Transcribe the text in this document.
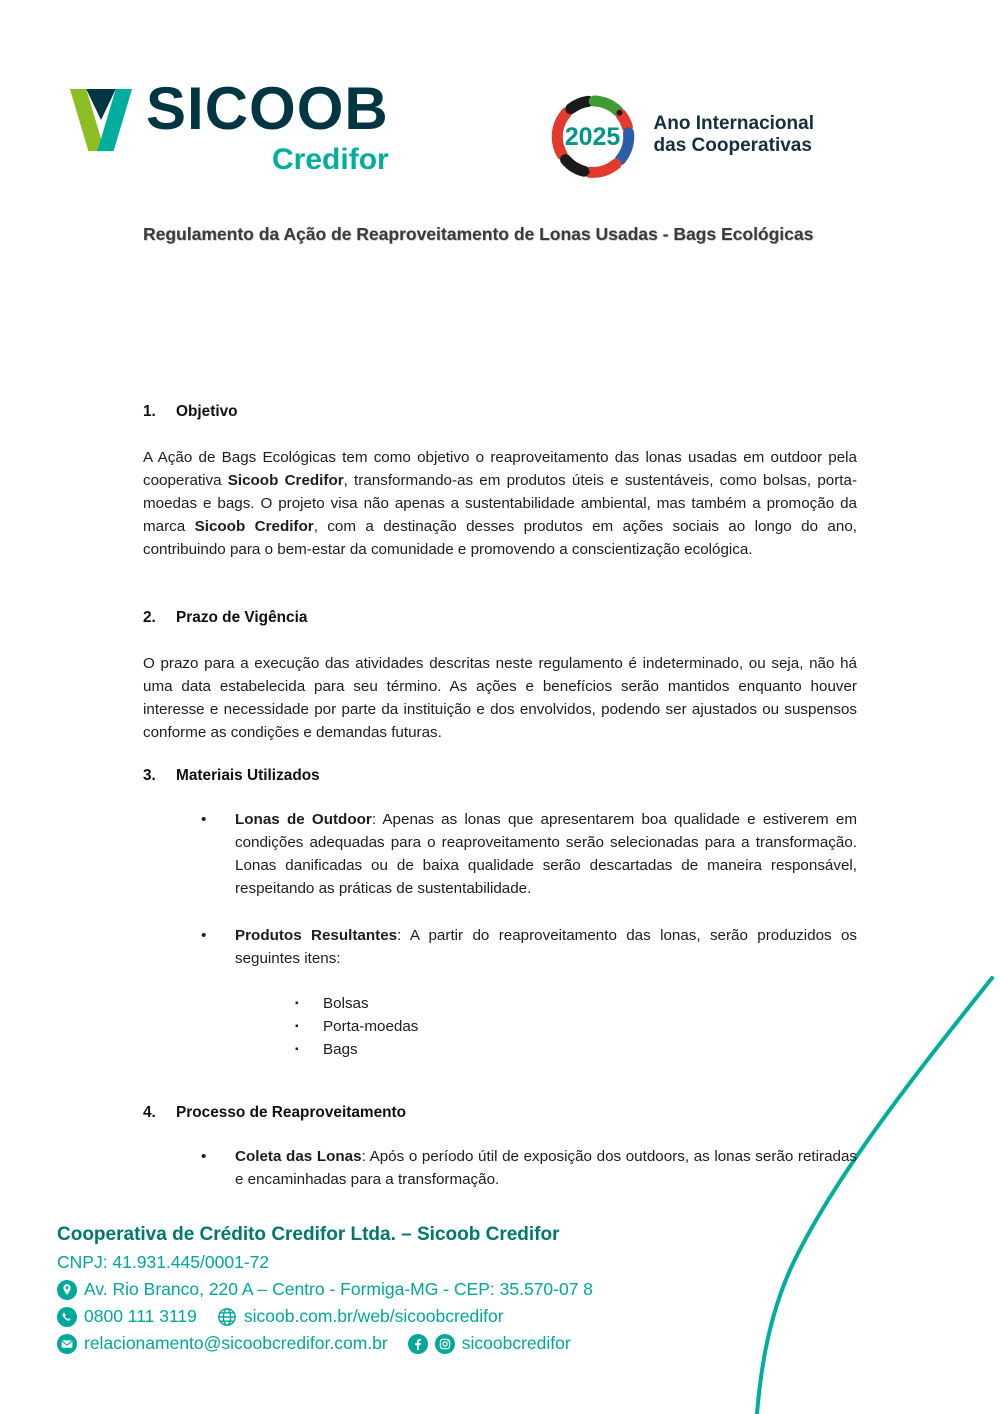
SICOOB
Credifor
2025	Ano Internacional
das Cooperativas
Regulamento da Ação de Reaproveitamento de Lonas Usadas - Bags Ecológicas
1.	Objetivo

A Ação de Bags Ecológicas tem como objetivo o reaproveitamento das lonas usadas em outdoor pela cooperativa Sicoob Credifor, transformando-as em produtos úteis e sustentáveis, como bolsas, porta-moedas e bags. O projeto visa não apenas a sustentabilidade ambiental, mas também a promoção da marca Sicoob Credifor, com a destinação desses produtos em ações sociais ao longo do ano, contribuindo para o bem-estar da comunidade e promovendo a conscientização ecológica.

2.	Prazo de Vigência

O prazo para a execução das atividades descritas neste regulamento é indeterminado, ou seja, não há uma data estabelecida para seu término. As ações e benefícios serão mantidos enquanto houver interesse e necessidade por parte da instituição e dos envolvidos, podendo ser ajustados ou suspensos conforme as condições e demandas futuras.

3.	Materiais Utilizados
•	Lonas de Outdoor: Apenas as lonas que apresentarem boa qualidade e estiverem em condições adequadas para o reaproveitamento serão selecionadas para a transformação. Lonas danificadas ou de baixa qualidade serão descartadas de maneira responsável, respeitando as práticas de sustentabilidade.
•	Produtos Resultantes: A partir do reaproveitamento das lonas, serão produzidos os seguintes itens:
▪	Bolsas
▪	Porta-moedas
▪	Bags
4.	Processo de Reaproveitamento
•	Coleta das Lonas: Após o período útil de exposição dos outdoors, as lonas serão retiradas e encaminhadas para a transformação.
Cooperativa de Crédito Credifor Ltda. – Sicoob Credifor
CNPJ: 41.931.445/0001-72
Av. Rio Branco, 220 A – Centro - Formiga-MG - CEP: 35.570-07 8
0800 111 3119	sicoob.com.br/web/sicoobcredifor
relacionamento@sicoobcredifor.com.br	sicoobcredifor
